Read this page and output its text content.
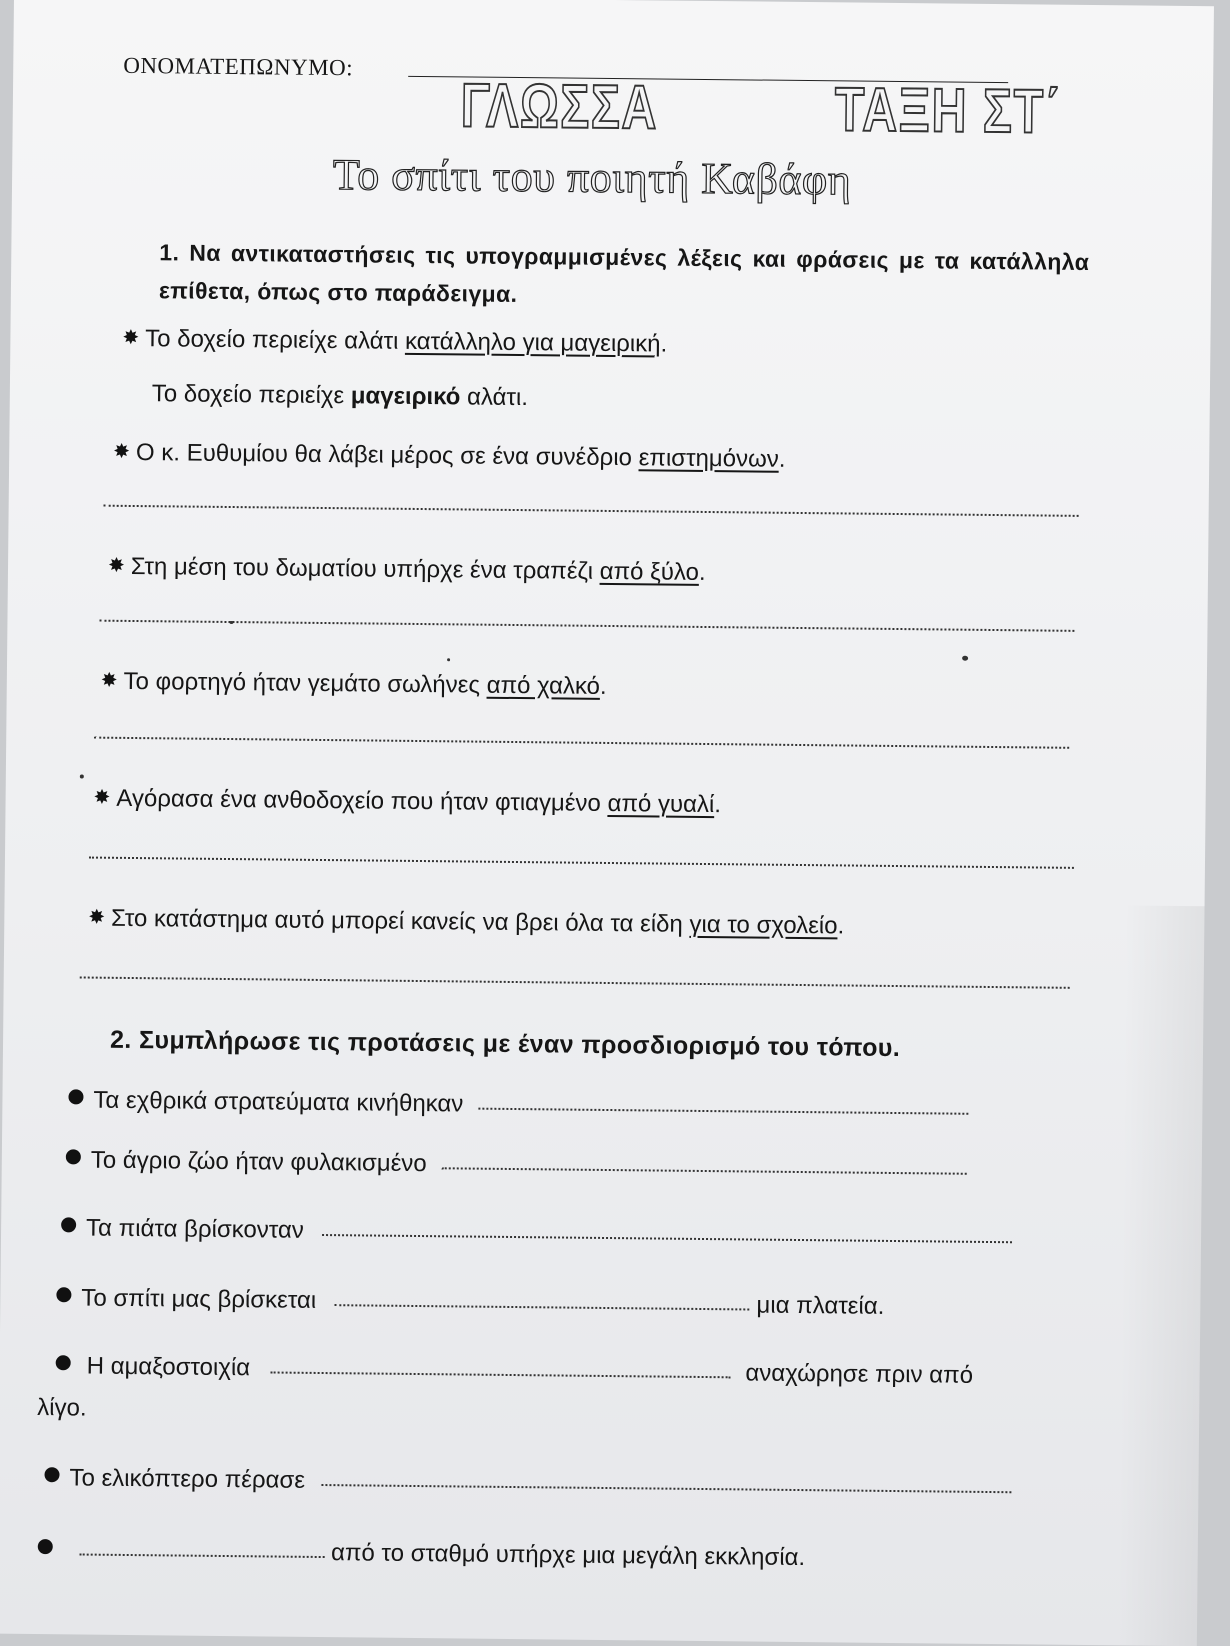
ΟΝΟΜΑΤΕΠΩΝΥΜΟ:
ΓΛΩΣΣΑ	ΤΑΞΗ ΣΤ΄
Το σπίτι του ποιητή Καβάφη
1. Να αντικαταστήσεις τις υπογραμμισμένες λέξεις και φράσεις με τα κατάλληλα επίθετα, όπως στο παράδειγμα.
✸ Το δοχείο περιείχε αλάτι κατάλληλο για μαγειρική.
Το δοχείο περιείχε μαγειρικό αλάτι.
✸ Ο κ. Ευθυμίου θα λάβει μέρος σε ένα συνέδριο επιστημόνων.
✸ Στη μέση του δωματίου υπήρχε ένα τραπέζι από ξύλο.
✸ Το φορτηγό ήταν γεμάτο σωλήνες από χαλκό.
✸ Αγόρασα ένα ανθοδοχείο που ήταν φτιαγμένο από γυαλί.
✸ Στο κατάστημα αυτό μπορεί κανείς να βρει όλα τα είδη για το σχολείο.
2. Συμπλήρωσε τις προτάσεις με έναν προσδιορισμό του τόπου.
Τα εχθρικά στρατεύματα κινήθηκαν
Το άγριο ζώο ήταν φυλακισμένο
Τα πιάτα βρίσκονταν
Το σπίτι μας βρίσκεται	μια πλατεία.
Η αμαξοστοιχία	αναχώρησε πριν από
λίγο.
Το ελικόπτερο πέρασε
από το σταθμό υπήρχε μια μεγάλη εκκλησία.
